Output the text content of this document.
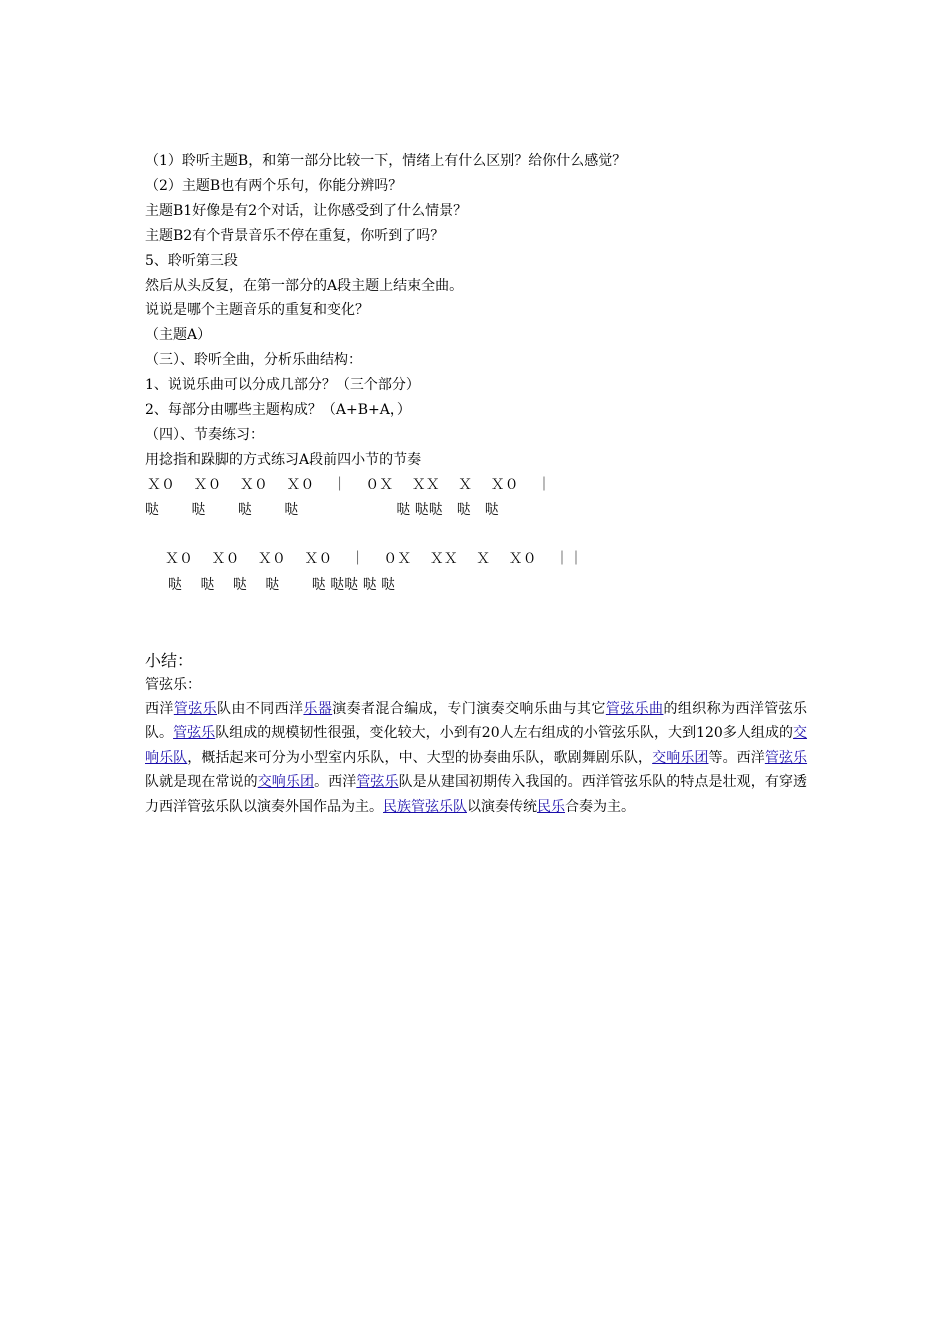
（1）聆听主题B，和第一部分比较一下，情绪上有什么区别？给你什么感觉？
（2）主题B也有两个乐句，你能分辨吗？
主题B1好像是有2个对话，让你感受到了什么情景？
主题B2有个背景音乐不停在重复，你听到了吗？
5、聆听第三段
然后从头反复，在第一部分的A段主题上结束全曲。
说说是哪个主题音乐的重复和变化？
（主题A）
（三）、聆听全曲，分析乐曲结构：
1、说说乐曲可以分成几部分？（三个部分）
2、每部分由哪些主题构成？（A+B+A，）
（四）、节奏练习：
用捻指和跺脚的方式练习A段前四小节的节奏
Ｘ０　 Ｘ０　 Ｘ０　 Ｘ０　 ｜　 ０Ｘ　 ＸＸ　 Ｘ　 Ｘ０　 ｜
哒　　 哒　　 哒　　 哒　　　　　　　哒 哒哒　哒　哒
Ｘ０　 Ｘ０　 Ｘ０　 Ｘ０　 ｜　 ０Ｘ　 ＸＸ　 Ｘ　 Ｘ０　 ｜｜
哒　 哒　 哒　 哒　　 哒 哒哒 哒 哒
小结：
管弦乐：
西洋管弦乐队由不同西洋乐器演奏者混合编成，专门演奏交响乐曲与其它管弦乐曲的组织称为西洋管弦乐队。管弦乐队组成的规模韧性很强，变化较大，小到有20人左右组成的小管弦乐队，大到120多人组成的交响乐队，概括起来可分为小型室内乐队，中、大型的协奏曲乐队，歌剧舞剧乐队，交响乐团等。西洋管弦乐队就是现在常说的交响乐团。西洋管弦乐队是从建国初期传入我国的。西洋管弦乐队的特点是壮观，有穿透力西洋管弦乐队以演奏外国作品为主。民族管弦乐队以演奏传统民乐合奏为主。
